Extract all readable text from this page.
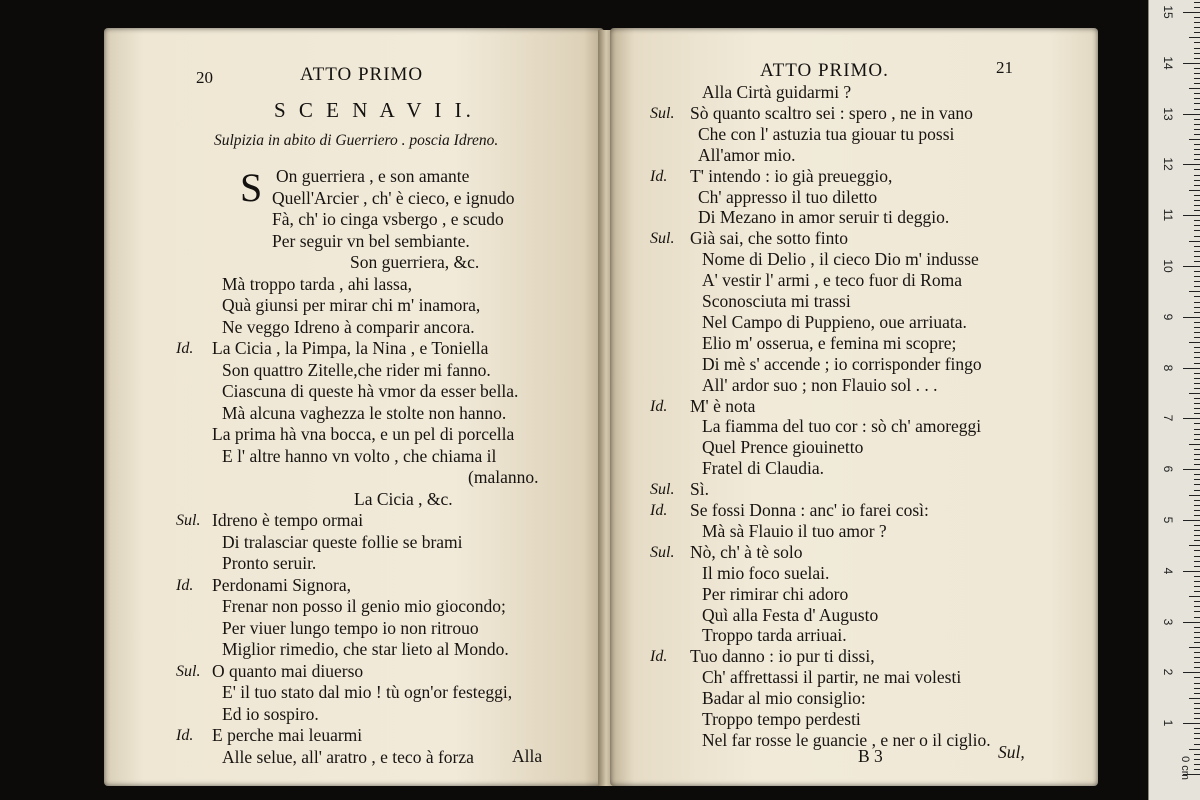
20	ATTO PRIMO
S C E N A V I I.
Sulpizia in abito di Guerriero . poscia Idreno.
S On guerriera , e son amante
Quell'Arcier , ch' è cieco, e ignudo
Fà, ch' io cinga vsbergo , e scudo
Per seguir vn bel sembiante.
Son guerriera, &c.
Mà troppo tarda , ahi lassa,
Quà giunsi per mirar chi m' inamora,
Ne veggo Idreno à comparir ancora.
Id. La Cicia , la Pimpa, la Nina , e Toniella
Son quattro Zitelle,che rider mi fanno.
Ciascuna di queste hà vmor da esser bella.
Mà alcuna vaghezza le stolte non hanno.
La prima hà vna bocca, e un pel di porcella
E l' altre hanno vn volto , che chiama il
(malanno.
La Cicia , &c.
Sul. Idreno è tempo ormai
Di tralasciar queste follie se brami
Pronto seruir.
Id. Perdonami Signora,
Frenar non posso il genio mio giocondo;
Per viuer lungo tempo io non ritrouo
Miglior rimedio, che star lieto al Mondo.
Sul. O quanto mai diuerso
E' il tuo stato dal mio ! tù ogn'or festeggi,
Ed io sospiro.
Id. E perche mai leuarmi
Alle selue, all' aratro , e teco à forza Alla
ATTO PRIMO.	21
Alla Cirtà guidarmi ?
Sul. Sò quanto scaltro sei : spero , ne in vano
Che con l' astuzia tua giouar tu possi
All'amor mio.
Id. T' intendo : io già preueggio,
Ch' appresso il tuo diletto
Di Mezano in amor seruir ti deggio.
Sul. Già sai, che sotto finto
Nome di Delio , il cieco Dio m' indusse
A' vestir l' armi , e teco fuor di Roma
Sconosciuta mi trassi
Nel Campo di Puppieno, oue arriuata.
Elio m' osserua, e femina mi scopre;
Di mè s' accende ; io corrisponder fingo
All' ardor suo ; non Flauio sol . . .
Id. M' è nota
La fiamma del tuo cor : sò ch' amoreggi
Quel Prence giouinetto
Fratel di Claudia.
Sul. Sì.
Id. Se fossi Donna : anc' io farei così:
Mà sà Flauio il tuo amor ?
Sul. Nò, ch' à tè solo
Il mio foco suelai.
Per rimirar chi adoro
Quì alla Festa d' Augusto
Troppo tarda arriuai.
Id. Tuo danno : io pur ti dissi,
Ch' affrettassi il partir, ne mai volesti
Badar al mio consiglio:
Troppo tempo perdesti
Nel far rosse le guancie , e ner o il ciglio.
B 3	Sul,
15
14
13
12
11
10
9
8
7
6
5
4
3
2
1
0 cm
